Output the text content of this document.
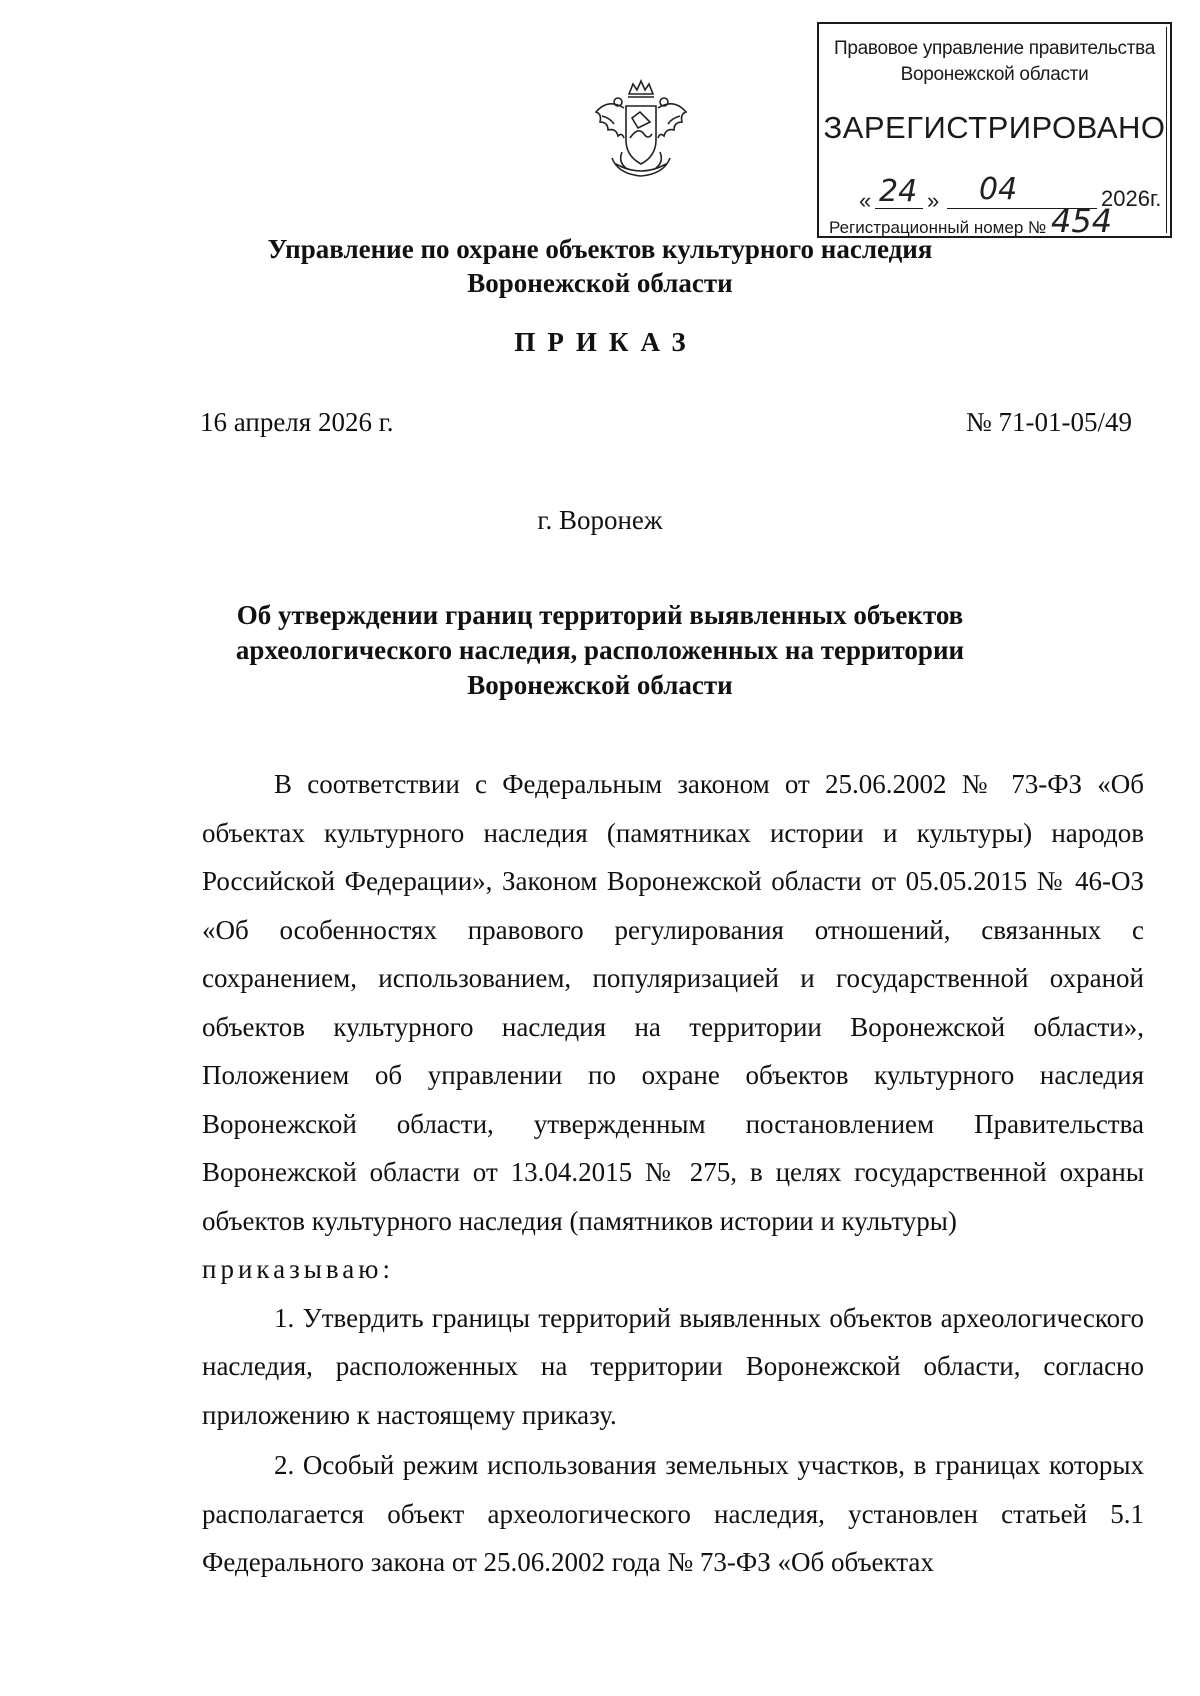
Правовое управление правительства
Воронежской области
ЗАРЕГИСТРИРОВАНО
« 24 » 04	2026г.
Регистрационный номер № 454
Управление по охране объектов культурного наследия
Воронежской области
ПРИКАЗ
16 апреля 2026 г.	№ 71-01-05/49
г. Воронеж
Об утверждении границ территорий выявленных объектов
археологического наследия, расположенных на территории
Воронежской области

В соответствии с Федеральным законом от 25.06.2002 № 73-ФЗ «Об объектах культурного наследия (памятниках истории и культуры) народов Российской Федерации», Законом Воронежской области от 05.05.2015 № 46-ОЗ «Об особенностях правового регулирования отношений, связанных с сохранением, использованием, популяризацией и государственной охраной объектов культурного наследия на территории Воронежской области», Положением об управлении по охране объектов культурного наследия Воронежской области, утвержденным постановлением Правительства Воронежской области от 13.04.2015 № 275, в целях государственной охраны объектов культурного наследия (памятников истории и культуры)

приказываю:

1. Утвердить границы территорий выявленных объектов археологического наследия, расположенных на территории Воронежской области, согласно приложению к настоящему приказу.

2. Особый режим использования земельных участков, в границах которых располагается объект археологического наследия, установлен статьей 5.1 Федерального закона от 25.06.2002 года № 73-ФЗ «Об объектах
